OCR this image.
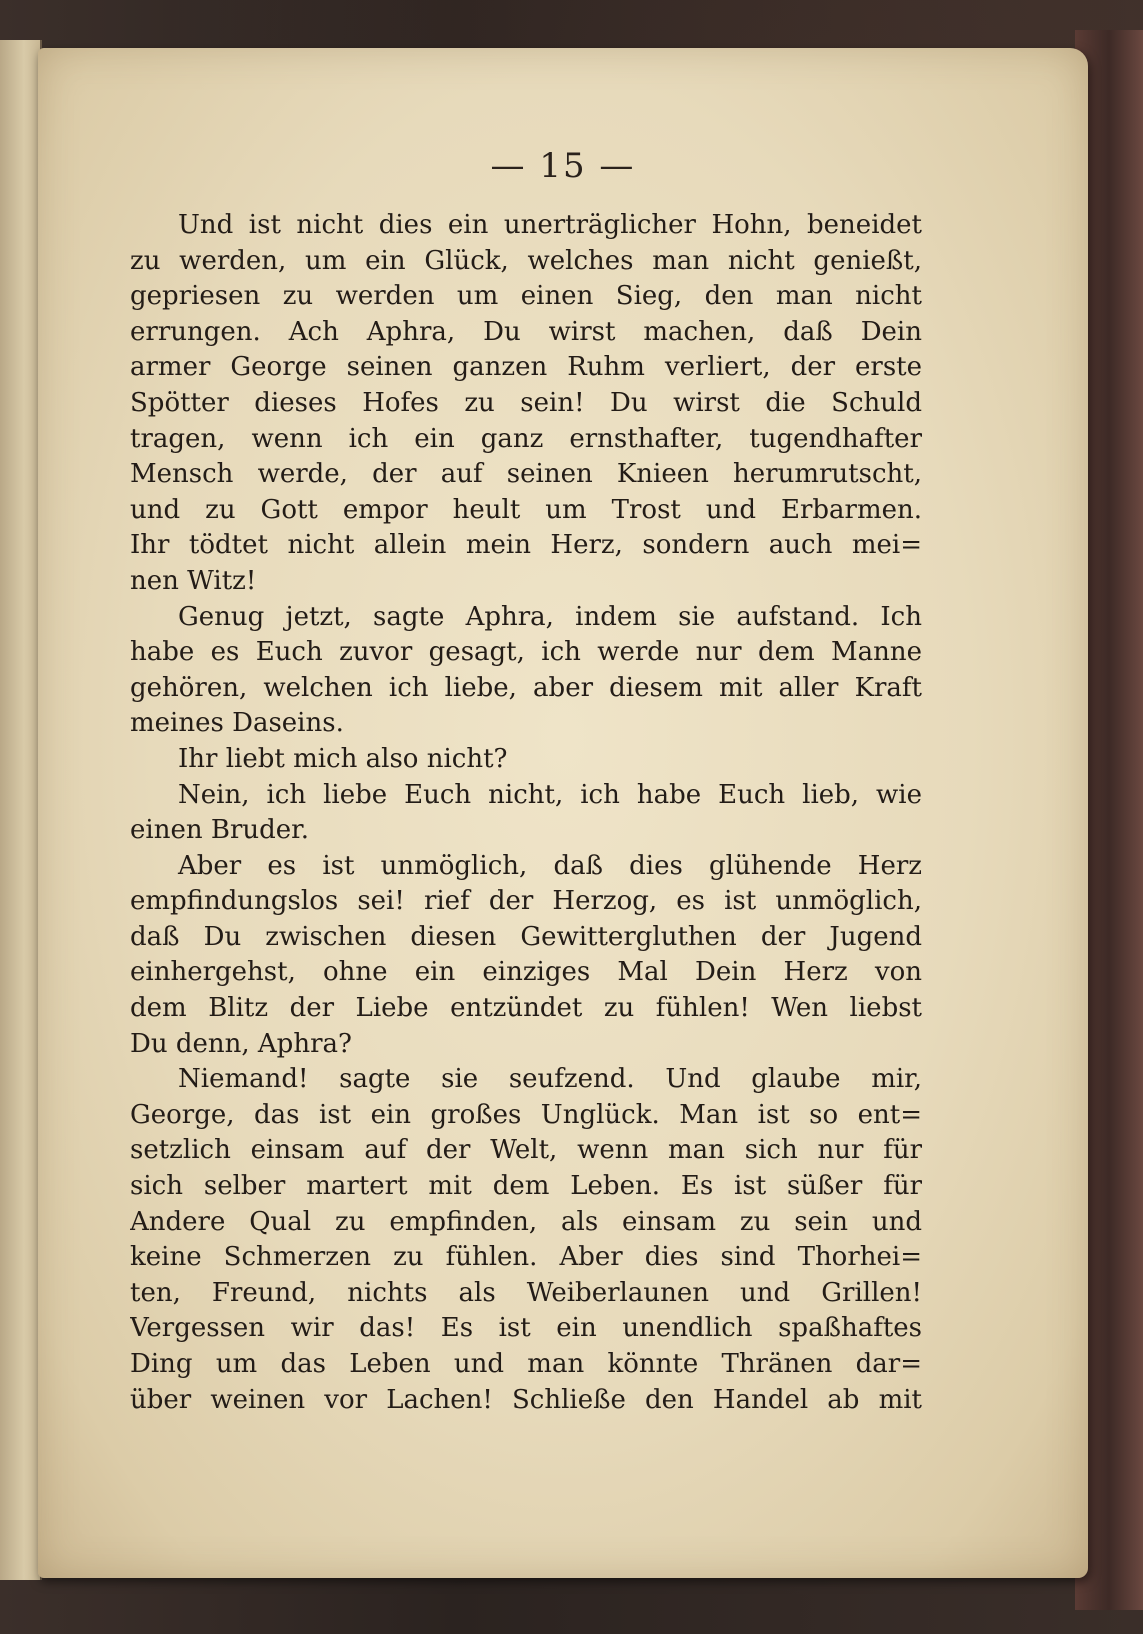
— 15 —
Und ist nicht dies ein unerträglicher Hohn, beneidet
zu werden, um ein Glück, welches man nicht genießt,
gepriesen zu werden um einen Sieg, den man nicht
errungen. Ach Aphra, Du wirst machen, daß Dein
armer George seinen ganzen Ruhm verliert, der erste
Spötter dieses Hofes zu sein! Du wirst die Schuld
tragen, wenn ich ein ganz ernsthafter, tugendhafter
Mensch werde, der auf seinen Knieen herumrutscht,
und zu Gott empor heult um Trost und Erbarmen.
Ihr tödtet nicht allein mein Herz, sondern auch mei=
nen Witz!
Genug jetzt, sagte Aphra, indem sie aufstand. Ich
habe es Euch zuvor gesagt, ich werde nur dem Manne
gehören, welchen ich liebe, aber diesem mit aller Kraft
meines Daseins.
Ihr liebt mich also nicht?
Nein, ich liebe Euch nicht, ich habe Euch lieb, wie
einen Bruder.
Aber es ist unmöglich, daß dies glühende Herz
empfindungslos sei! rief der Herzog, es ist unmöglich,
daß Du zwischen diesen Gewittergluthen der Jugend
einhergehst, ohne ein einziges Mal Dein Herz von
dem Blitz der Liebe entzündet zu fühlen! Wen liebst
Du denn, Aphra?
Niemand! sagte sie seufzend. Und glaube mir,
George, das ist ein großes Unglück. Man ist so ent=
setzlich einsam auf der Welt, wenn man sich nur für
sich selber martert mit dem Leben. Es ist süßer für
Andere Qual zu empfinden, als einsam zu sein und
keine Schmerzen zu fühlen. Aber dies sind Thorhei=
ten, Freund, nichts als Weiberlaunen und Grillen!
Vergessen wir das! Es ist ein unendlich spaßhaftes
Ding um das Leben und man könnte Thränen dar=
über weinen vor Lachen! Schließe den Handel ab mit
